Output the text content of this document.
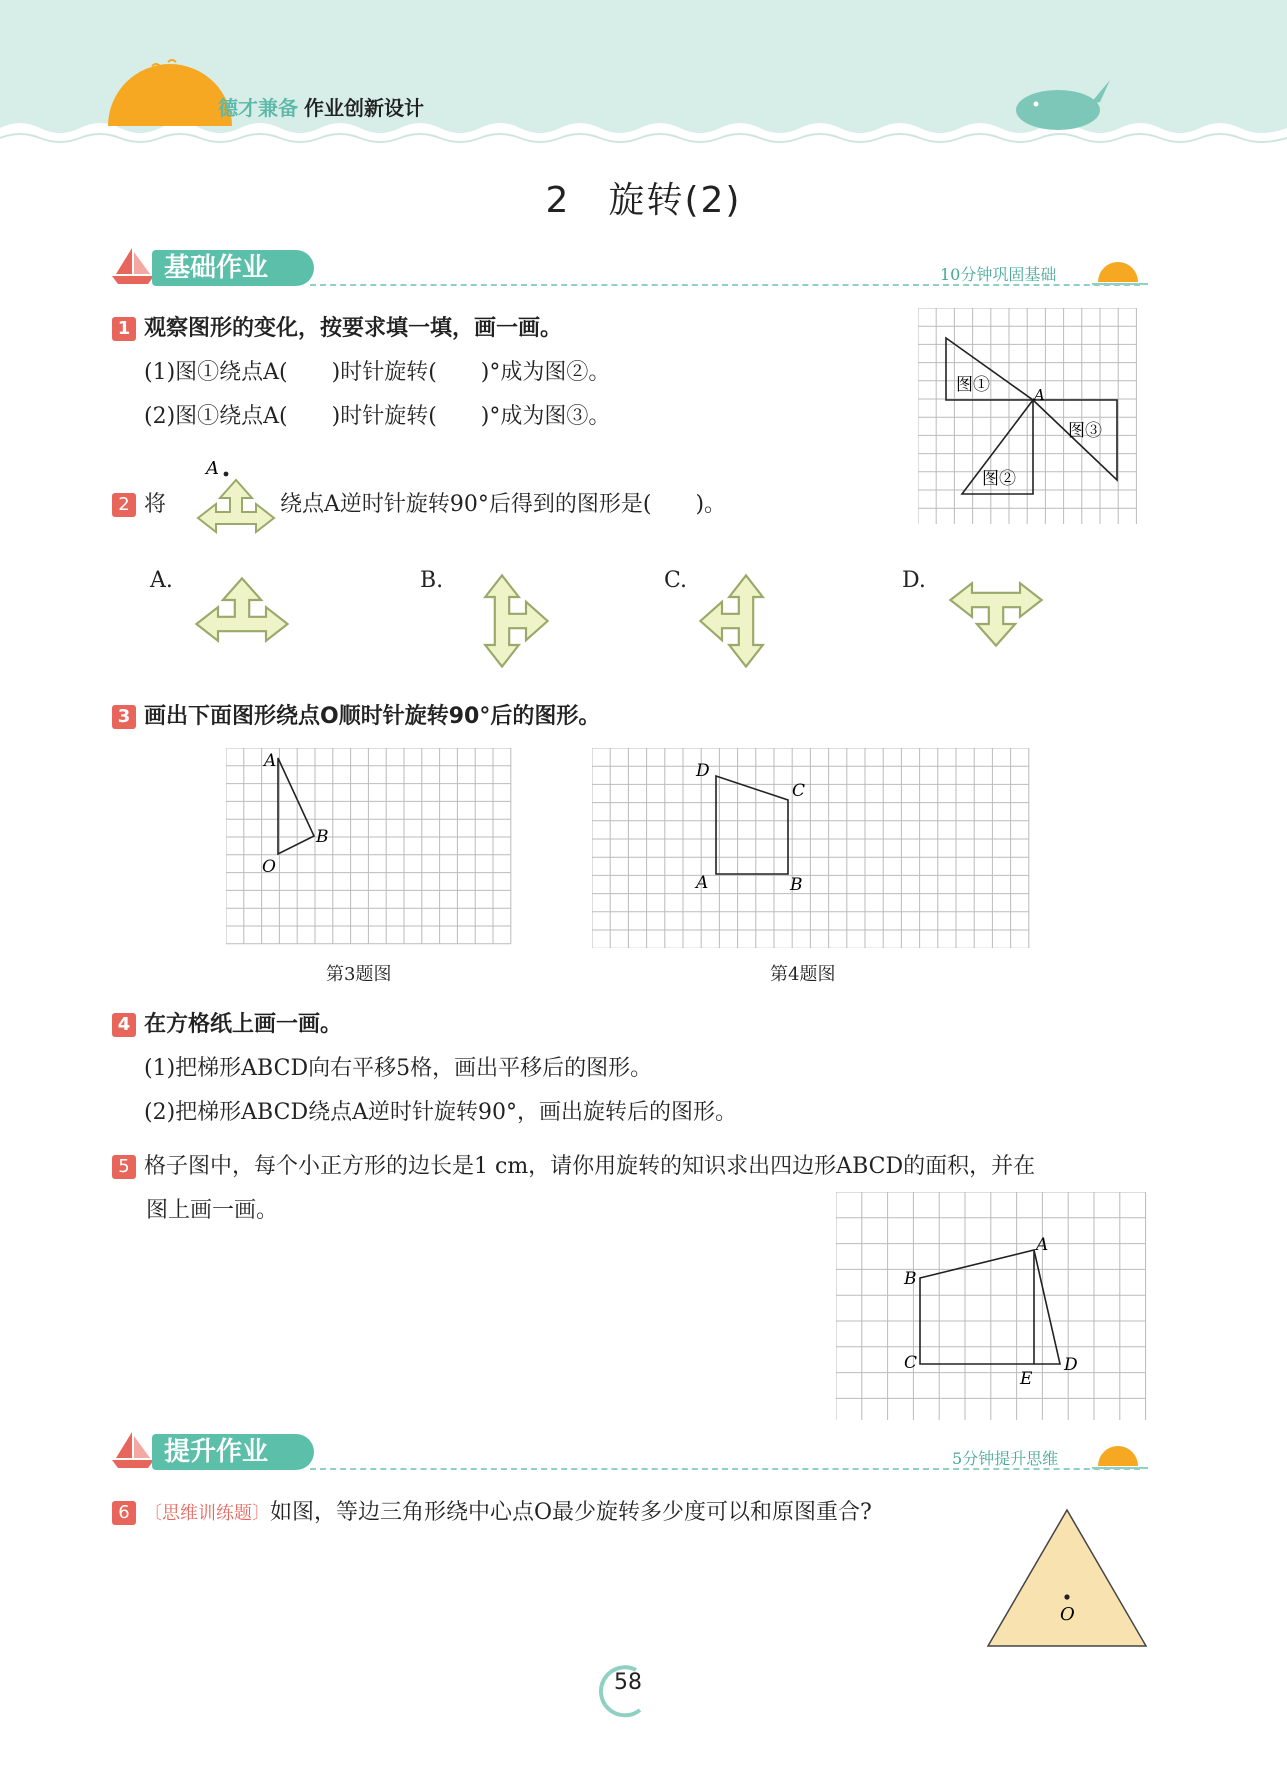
德才兼备 作业创新设计
2　旋转(2)
基础作业	10分钟巩固基础
1 观察图形的变化，按要求填一填，画一画。
(1)图①绕点A(　　)时针旋转(　　)°成为图②。
(2)图①绕点A(　　)时针旋转(　　)°成为图③。
图①
图②
图③
A
2 将
A
绕点A逆时针旋转90°后得到的图形是(　　)。
A.	B.	C.	D.
3 画出下面图形绕点O顺时针旋转90°后的图形。
A
B
O
第3题图
D
C
A	B
第4题图
4 在方格纸上画一画。
(1)把梯形ABCD向右平移5格，画出平移后的图形。
(2)把梯形ABCD绕点A逆时针旋转90°，画出旋转后的图形。
5 格子图中，每个小正方形的边长是1 cm，请你用旋转的知识求出四边形ABCD的面积，并在
图上画一画。
A
B
C	D
E
提升作业	5分钟提升思维
6 〔思维训练题〕如图，等边三角形绕中心点O最少旋转多少度可以和原图重合?
O
58
